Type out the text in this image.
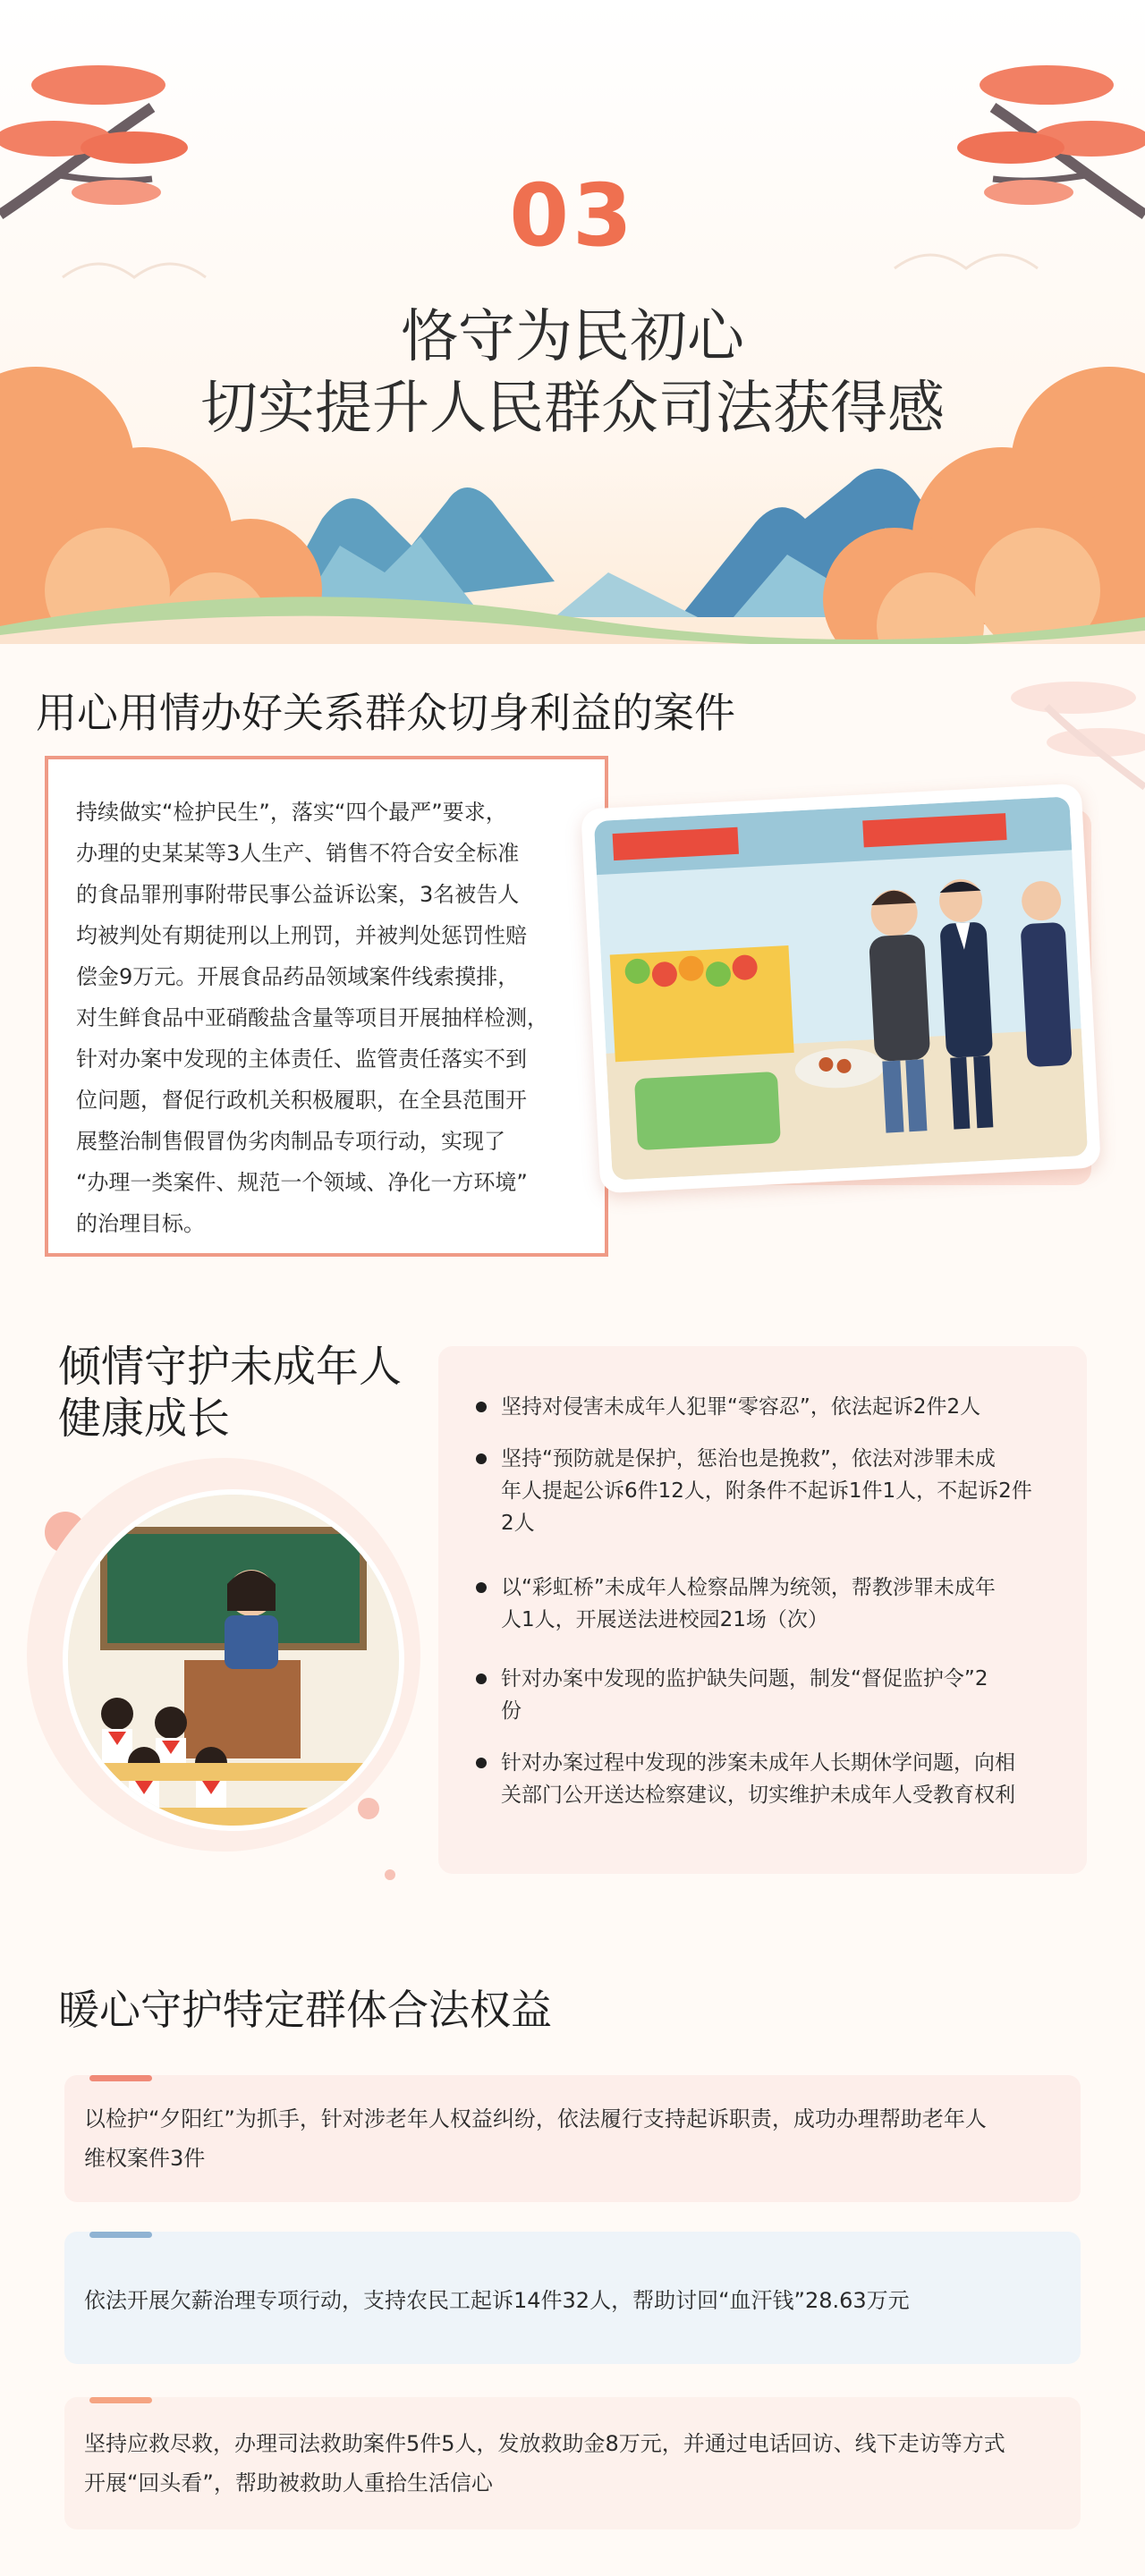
03
恪守为民初心
切实提升人民群众司法获得感
用心用情办好关系群众切身利益的案件
持续做实“检护民生”，落实“四个最严”要求，
办理的史某某等3人生产、销售不符合安全标准
的食品罪刑事附带民事公益诉讼案，3名被告人
均被判处有期徒刑以上刑罚，并被判处惩罚性赔
偿金9万元。开展食品药品领域案件线索摸排，
对生鲜食品中亚硝酸盐含量等项目开展抽样检测，
针对办案中发现的主体责任、监管责任落实不到
位问题，督促行政机关积极履职，在全县范围开
展整治制售假冒伪劣肉制品专项行动，实现了
“办理一类案件、规范一个领域、净化一方环境”
的治理目标。
倾情守护未成年人
健康成长	坚持对侵害未成年人犯罪“零容忍”，依法起诉2件2人
坚持“预防就是保护，惩治也是挽救”，依法对涉罪未成
年人提起公诉6件12人，附条件不起诉1件1人，不起诉2件
2人
以“彩虹桥”未成年人检察品牌为统领，帮教涉罪未成年
人1人，开展送法进校园21场（次）
针对办案中发现的监护缺失问题，制发“督促监护令”2
份
针对办案过程中发现的涉案未成年人长期休学问题，向相
关部门公开送达检察建议，切实维护未成年人受教育权利
暖心守护特定群体合法权益
以检护“夕阳红”为抓手，针对涉老年人权益纠纷，依法履行支持起诉职责，成功办理帮助老年人
维权案件3件
依法开展欠薪治理专项行动，支持农民工起诉14件32人，帮助讨回“血汗钱”28.63万元
坚持应救尽救，办理司法救助案件5件5人，发放救助金8万元，并通过电话回访、线下走访等方式
开展“回头看”，帮助被救助人重拾生活信心
